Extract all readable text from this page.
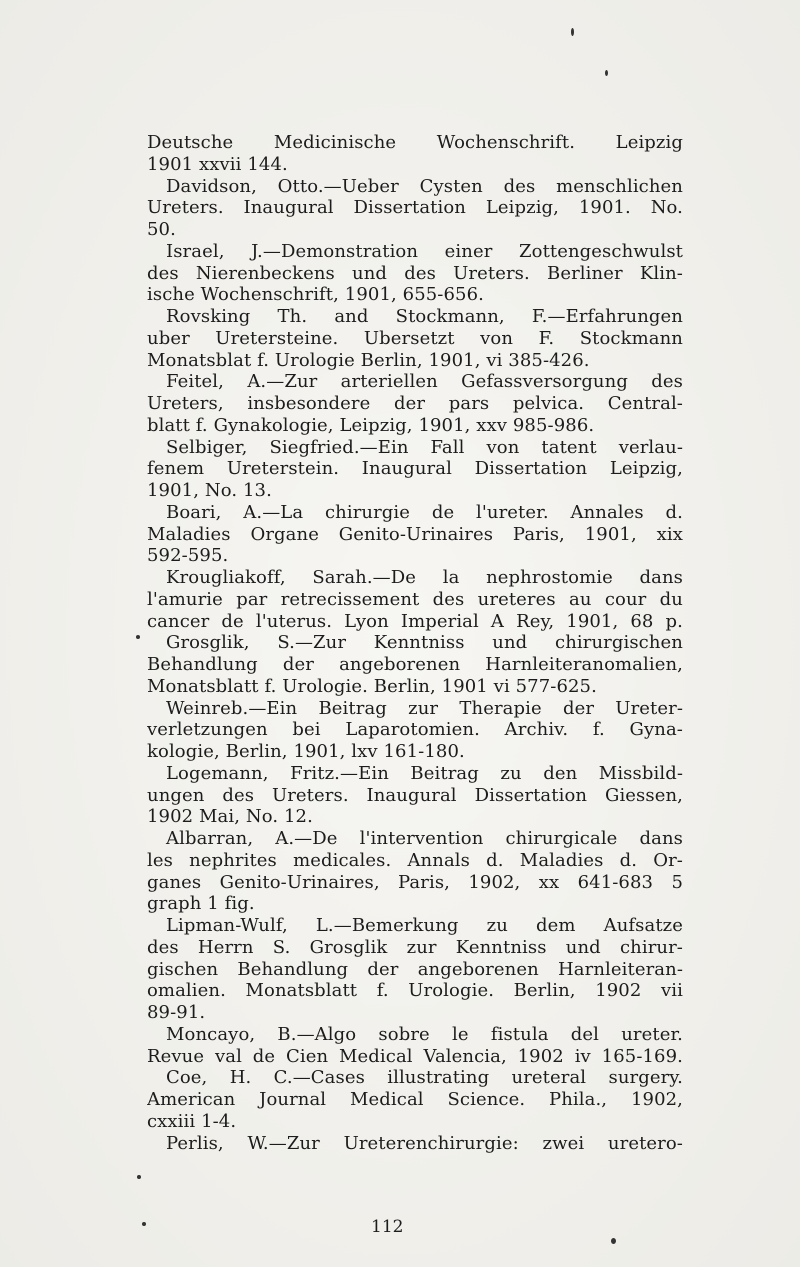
Deutsche Medicinische Wochenschrift. Leipzig
1901 xxvii 144.
Davidson, Otto.—Ueber Cysten des menschlichen
Ureters. Inaugural Dissertation Leipzig, 1901. No.
50.
Israel, J.—Demonstration einer Zottengeschwulst
des Nierenbeckens und des Ureters. Berliner Klin-
ische Wochenschrift, 1901, 655-656.
Rovsking Th. and Stockmann, F.—Erfahrungen
uber Uretersteine. Ubersetzt von F. Stockmann
Monatsblat f. Urologie Berlin, 1901, vi 385-426.
Feitel, A.—Zur arteriellen Gefassversorgung des
Ureters, insbesondere der pars pelvica. Central-
blatt f. Gynakologie, Leipzig, 1901, xxv 985-986.
Selbiger, Siegfried.—Ein Fall von tatent verlau-
fenem Ureterstein. Inaugural Dissertation Leipzig,
1901, No. 13.
Boari, A.—La chirurgie de l'ureter. Annales d.
Maladies Organe Genito-Urinaires Paris, 1901, xix
592-595.
Krougliakoff, Sarah.—De la nephrostomie dans
l'amurie par retrecissement des ureteres au cour du
cancer de l'uterus. Lyon Imperial A Rey, 1901, 68 p.
Grosglik, S.—Zur Kenntniss und chirurgischen
Behandlung der angeborenen Harnleiteranomalien,
Monatsblatt f. Urologie. Berlin, 1901 vi 577-625.
Weinreb.—Ein Beitrag zur Therapie der Ureter-
verletzungen bei Laparotomien. Archiv. f. Gyna-
kologie, Berlin, 1901, lxv 161-180.
Logemann, Fritz.—Ein Beitrag zu den Missbild-
ungen des Ureters. Inaugural Dissertation Giessen,
1902 Mai, No. 12.
Albarran, A.—De l'intervention chirurgicale dans
les nephrites medicales. Annals d. Maladies d. Or-
ganes Genito-Urinaires, Paris, 1902, xx 641-683 5
graph 1 fig.
Lipman-Wulf, L.—Bemerkung zu dem Aufsatze
des Herrn S. Grosglik zur Kenntniss und chirur-
gischen Behandlung der angeborenen Harnleiteran-
omalien. Monatsblatt f. Urologie. Berlin, 1902 vii
89-91.
Moncayo, B.—Algo sobre le fistula del ureter.
Revue val de Cien Medical Valencia, 1902 iv 165-169.
Coe, H. C.—Cases illustrating ureteral surgery.
American Journal Medical Science. Phila., 1902,
cxxiii 1-4.
Perlis, W.—Zur Ureterenchirurgie: zwei uretero-
112
